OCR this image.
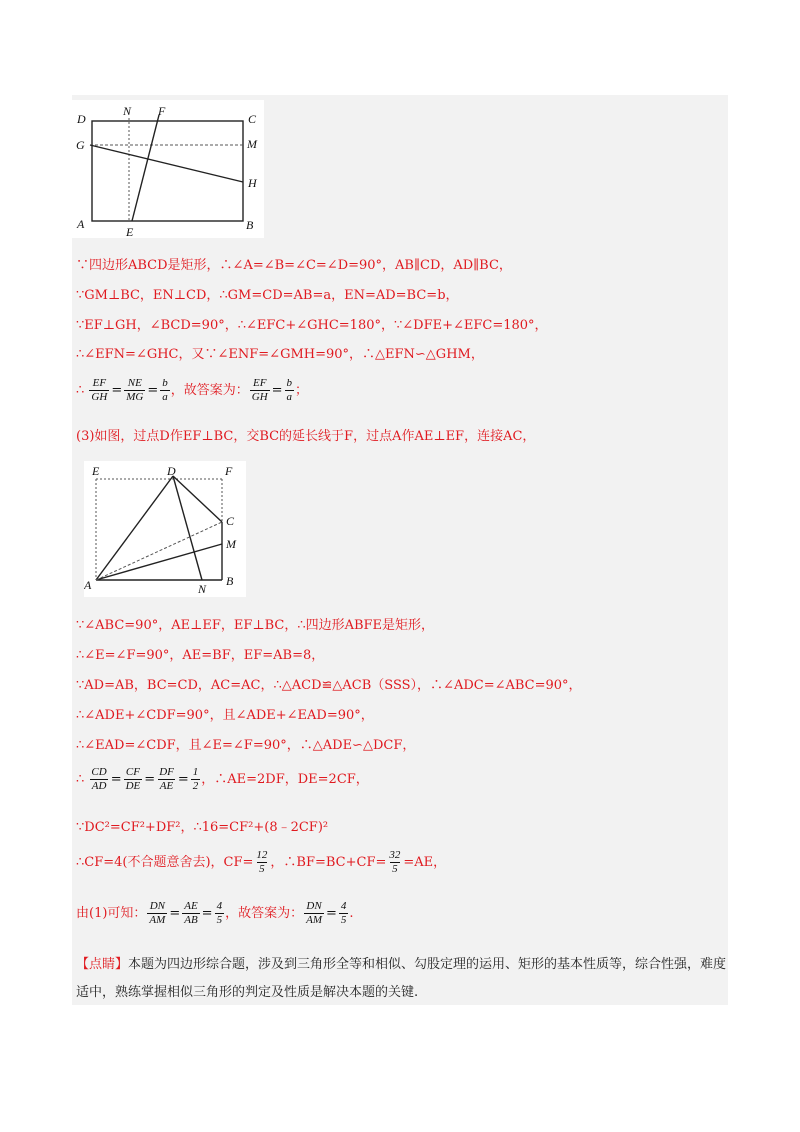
D
N F
C
G	M
H
A
E	B
∵四边形ABCD是矩形，∴∠A=∠B=∠C=∠D=90°，AB∥CD，AD∥BC，
∵GM⊥BC，EN⊥CD，∴GM=CD=AB=a，EN=AD=BC=b，
∵EF⊥GH，∠BCD=90°，∴∠EFC+∠GHC=180°，∵∠DFE+∠EFC=180°，
∴∠EFN=∠GHC，又∵∠ENF=∠GMH=90°，∴△EFN∽△GHM，
∴ $\frac{EF}{GH} = \frac{NE}{MG} = \frac{b}{a}$ ，故答案为： $\frac{EF}{GH} = \frac{b}{a}$ ；
(3)如图，过点D作EF⊥BC，交BC的延长线于F，过点A作AE⊥EF，连接AC，
E	D	F
C
M
A	N
B
∵∠ABC=90°，AE⊥EF，EF⊥BC，∴四边形ABFE是矩形，
∴∠E=∠F=90°，AE=BF，EF=AB=8，
∵AD=AB，BC=CD，AC=AC，∴△ACD≌△ACB（SSS），∴∠ADC=∠ABC=90°，
∴∠ADE+∠CDF=90°，且∠ADE+∠EAD=90°，
∴∠EAD=∠CDF，且∠E=∠F=90°，∴△ADE∽△DCF，
∴ $\frac{CD}{AD} = \frac{CF}{DE} = \frac{DF}{AE} = \frac{1}{2}$ ，∴AE=2DF，DE=2CF，
∵DC²=CF²+DF²，∴16=CF²+(8﹣2CF)²
∴CF=4(不合题意舍去)，$CF= \frac{12}{5}$ ，∴BF=BC+CF= $\frac{32}{5} =AE$，
由(1)可知： $\frac{DN}{AM} = \frac{AE}{AB} = \frac{4}{5}$ ，故答案为： $\frac{DN}{AM} = \frac{4}{5}$ .
【点睛】本题为四边形综合题，涉及到三角形全等和相似、勾股定理的运用、矩形的基本性质等，综合性强，难度适中，熟练掌握相似三角形的判定及性质是解决本题的关键.
